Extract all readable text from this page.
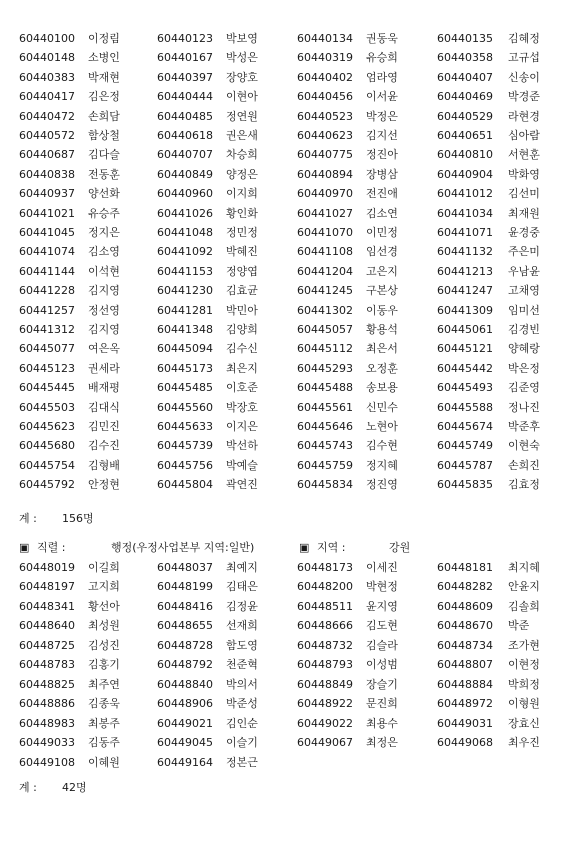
60440100 이정림	60440123 박보영	60440134 권동욱	60440135 김혜정
60440148 소병인	60440167 박성은	60440319 유승희	60440358 고규섭
60440383 박재현	60440397 장양호	60440402 엄라영	60440407 신송이
60440417 김은정	60440444 이현아	60440456 이서윤	60440469 박경준
60440472 손희담	60440485 정연원	60440523 박정은	60440529 라현경
60440572 함상철	60440618 권은새	60440623 김지선	60440651 심아람
60440687 김다슬	60440707 차승희	60440775 정진아	60440810 서현훈
60440838 전동훈	60440849 양정은	60440894 장병삼	60440904 박화영
60440937 양선화	60440960 이지희	60440970 전진애	60441012 김선미
60441021 유승주	60441026 황인화	60441027 김소연	60441034 최재원
60441045 정지은	60441048 정민정	60441070 이민정	60441071 윤경중
60441074 김소영	60441092 박혜진	60441108 임선경	60441132 주은미
60441144 이석현	60441153 정양엽	60441204 고은지	60441213 우남윤
60441228 김지영	60441230 김효균	60441245 구본상	60441247 고채영
60441257 정선영	60441281 박민아	60441302 이동우	60441309 임미선
60441312 김지영	60441348 김양희	60445057 황용석	60445061 김경빈
60445077 여은옥	60445094 김수신	60445112 최은서	60445121 양혜랑
60445123 권세라	60445173 최은지	60445293 오정훈	60445442 박은정
60445445 배재평	60445485 이호준	60445488 송보용	60445493 김준영
60445503 김대식	60445560 박장호	60445561 신민수	60445588 정나진
60445623 김민진	60445633 이지은	60445646 노현아	60445674 박준후
60445680 김수진	60445739 박선하	60445743 김수현	60445749 이현숙
60445754 김형배	60445756 박예슬	60445759 정지혜	60445787 손희진
60445792 안정현	60445804 곽연진	60445834 정진영	60445835 김효정
계 : 156명
▣ 직렬 :	행정(우정사업본부 지역:일반)	▣ 지역 :	강원
60448019 이길희	60448037 최예지	60448173 이세진	60448181 최지혜
60448197 고지희	60448199 김태은	60448200 박현정	60448282 안윤지
60448341 황선아	60448416 김정윤	60448511 윤지영	60448609 김솔희
60448640 최성원	60448655 선재희	60448666 김도현	60448670 박준
60448725 김성진	60448728 함도영	60448732 김슬라	60448734 조가현
60448783 김홍기	60448792 천준혁	60448793 이성범	60448807 이현정
60448825 최주연	60448840 박의서	60448849 장슬기	60448884 박희정
60448886 김종욱	60448906 박준성	60448922 문진희	60448972 이형원
60448983 최봉주	60449021 김인순	60449022 최용수	60449031 장효신
60449033 김동주	60449045 이슬기	60449067 최정은	60449068 최우진
60449108 이혜원	60449164 정본근
계 : 42명
